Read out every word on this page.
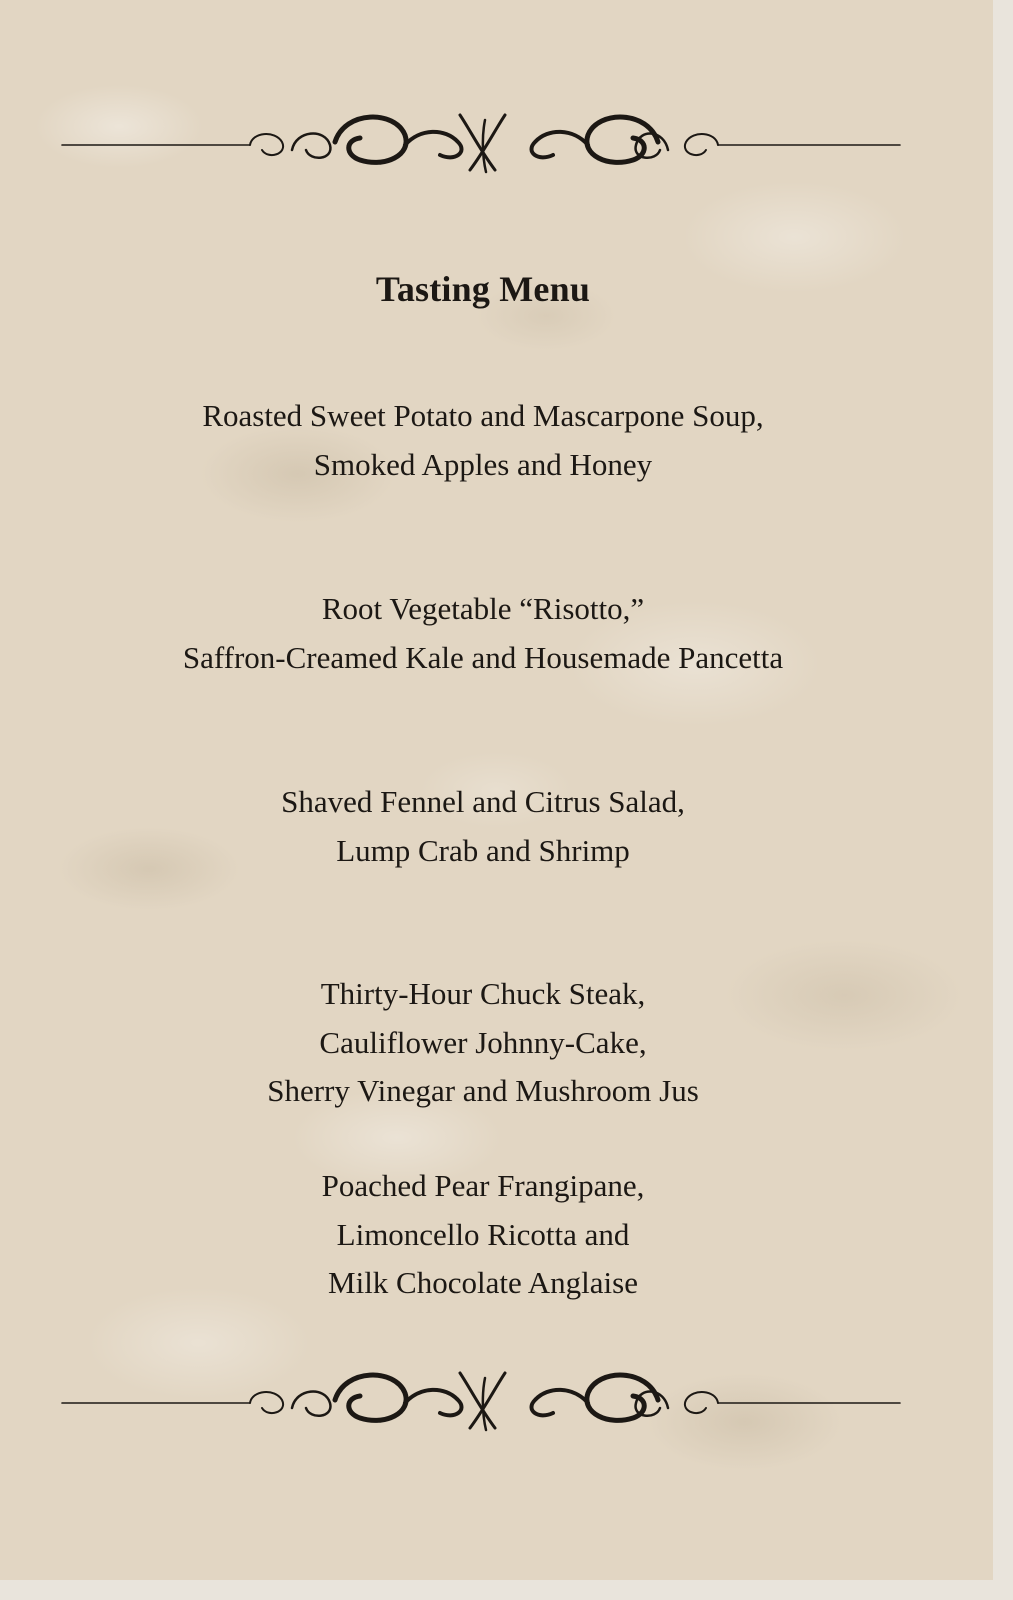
Tasting Menu
Roasted Sweet Potato and Mascarpone Soup,
Smoked Apples and Honey
Root Vegetable “Risotto,”
Saffron-Creamed Kale and Housemade Pancetta
Shaved Fennel and Citrus Salad,
Lump Crab and Shrimp
Thirty-Hour Chuck Steak,
Cauliflower Johnny-Cake,
Sherry Vinegar and Mushroom Jus
Poached Pear Frangipane,
Limoncello Ricotta and
Milk Chocolate Anglaise
